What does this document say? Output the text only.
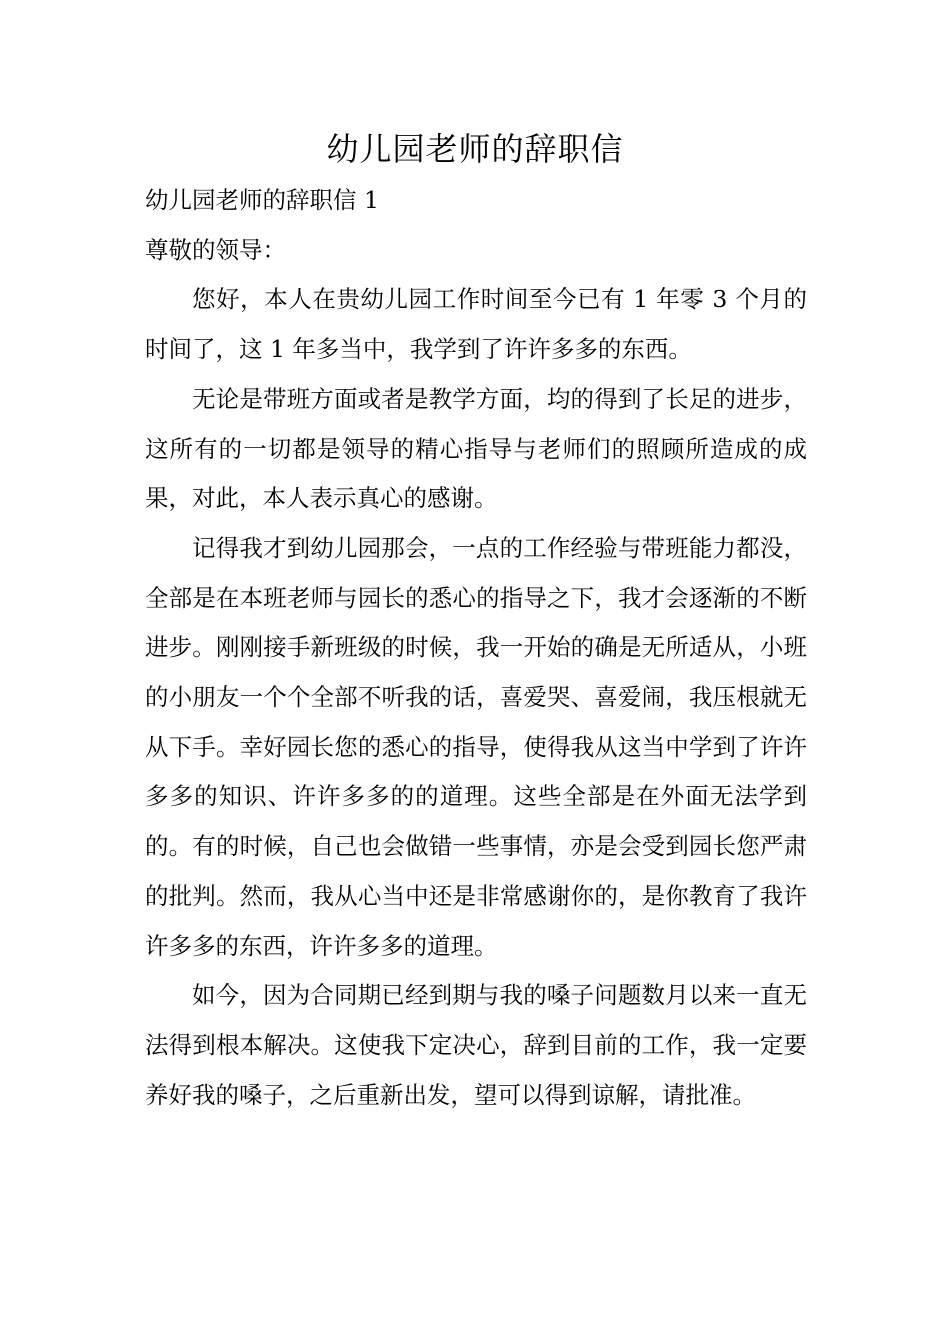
幼儿园老师的辞职信

幼儿园老师的辞职信 1

尊敬的领导：

您好，本人在贵幼儿园工作时间至今已有 1 年零 3 个月的时间了，这 1 年多当中，我学到了许许多多的东西。

无论是带班方面或者是教学方面，均的得到了长足的进步，这所有的一切都是领导的精心指导与老师们的照顾所造成的成果，对此，本人表示真心的感谢。

记得我才到幼儿园那会，一点的工作经验与带班能力都没，全部是在本班老师与园长的悉心的指导之下，我才会逐渐的不断进步。刚刚接手新班级的时候，我一开始的确是无所适从，小班的小朋友一个个全部不听我的话，喜爱哭、喜爱闹，我压根就无从下手。幸好园长您的悉心的指导，使得我从这当中学到了许许多多的知识、许许多多的的道理。这些全部是在外面无法学到的。有的时候，自己也会做错一些事情，亦是会受到园长您严肃的批判。然而，我从心当中还是非常感谢你的，是你教育了我许许多多的东西，许许多多的道理。

如今，因为合同期已经到期与我的嗓子问题数月以来一直无法得到根本解决。这使我下定决心，辞到目前的工作，我一定要养好我的嗓子，之后重新出发，望可以得到谅解，请批准。
